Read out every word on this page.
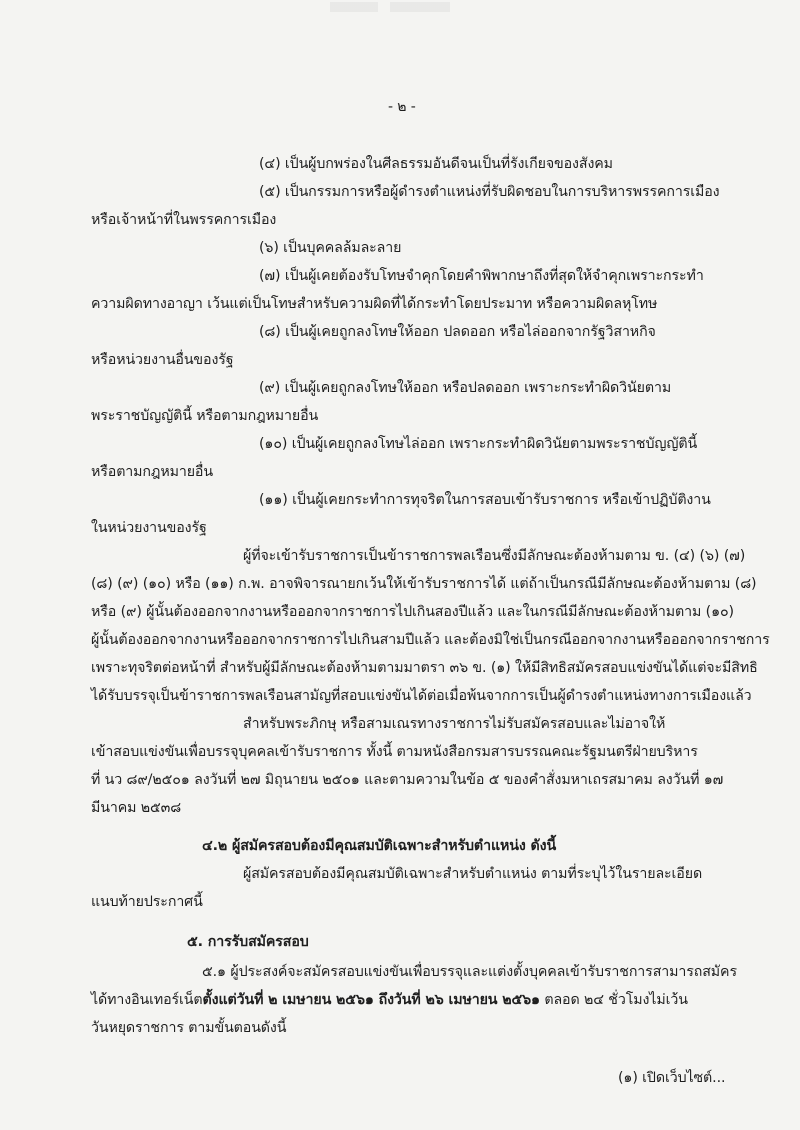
- ๒ -
(๔) เป็นผู้บกพร่องในศีลธรรมอันดีจนเป็นที่รังเกียจของสังคม
(๕) เป็นกรรมการหรือผู้ดำรงตำแหน่งที่รับผิดชอบในการบริหารพรรคการเมือง
หรือเจ้าหน้าที่ในพรรคการเมือง
(๖) เป็นบุคคลล้มละลาย
(๗) เป็นผู้เคยต้องรับโทษจำคุกโดยคำพิพากษาถึงที่สุดให้จำคุกเพราะกระทำ
ความผิดทางอาญา เว้นแต่เป็นโทษสำหรับความผิดที่ได้กระทำโดยประมาท หรือความผิดลหุโทษ
(๘) เป็นผู้เคยถูกลงโทษให้ออก ปลดออก หรือไล่ออกจากรัฐวิสาหกิจ
หรือหน่วยงานอื่นของรัฐ
(๙) เป็นผู้เคยถูกลงโทษให้ออก หรือปลดออก เพราะกระทำผิดวินัยตาม
พระราชบัญญัตินี้ หรือตามกฎหมายอื่น
(๑๐) เป็นผู้เคยถูกลงโทษไล่ออก เพราะกระทำผิดวินัยตามพระราชบัญญัตินี้
หรือตามกฎหมายอื่น
(๑๑) เป็นผู้เคยกระทำการทุจริตในการสอบเข้ารับราชการ หรือเข้าปฏิบัติงาน
ในหน่วยงานของรัฐ
ผู้ที่จะเข้ารับราชการเป็นข้าราชการพลเรือนซึ่งมีลักษณะต้องห้ามตาม ข. (๔) (๖) (๗)
(๘) (๙) (๑๐) หรือ (๑๑) ก.พ. อาจพิจารณายกเว้นให้เข้ารับราชการได้ แต่ถ้าเป็นกรณีมีลักษณะต้องห้ามตาม (๘)
หรือ (๙) ผู้นั้นต้องออกจากงานหรือออกจากราชการไปเกินสองปีแล้ว และในกรณีมีลักษณะต้องห้ามตาม (๑๐)
ผู้นั้นต้องออกจากงานหรือออกจากราชการไปเกินสามปีแล้ว และต้องมิใช่เป็นกรณีออกจากงานหรือออกจากราชการ
เพราะทุจริตต่อหน้าที่ สำหรับผู้มีลักษณะต้องห้ามตามมาตรา ๓๖ ข. (๑) ให้มีสิทธิสมัครสอบแข่งขันได้แต่จะมีสิทธิ
ได้รับบรรจุเป็นข้าราชการพลเรือนสามัญที่สอบแข่งขันได้ต่อเมื่อพ้นจากการเป็นผู้ดำรงตำแหน่งทางการเมืองแล้ว
สำหรับพระภิกษุ หรือสามเณรทางราชการไม่รับสมัครสอบและไม่อาจให้
เข้าสอบแข่งขันเพื่อบรรจุบุคคลเข้ารับราชการ ทั้งนี้ ตามหนังสือกรมสารบรรณคณะรัฐมนตรีฝ่ายบริหาร
ที่ นว ๘๙/๒๕๐๑ ลงวันที่ ๒๗ มิถุนายน ๒๕๐๑ และตามความในข้อ ๕ ของคำสั่งมหาเถรสมาคม ลงวันที่ ๑๗
มีนาคม ๒๕๓๘
๔.๒ ผู้สมัครสอบต้องมีคุณสมบัติเฉพาะสำหรับตำแหน่ง ดังนี้
ผู้สมัครสอบต้องมีคุณสมบัติเฉพาะสำหรับตำแหน่ง ตามที่ระบุไว้ในรายละเอียด
แนบท้ายประกาศนี้
๕. การรับสมัครสอบ
๕.๑ ผู้ประสงค์จะสมัครสอบแข่งขันเพื่อบรรจุและแต่งตั้งบุคคลเข้ารับราชการสามารถสมัคร
ได้ทางอินเทอร์เน็ตตั้งแต่วันที่ ๒ เมษายน ๒๕๖๑ ถึงวันที่ ๒๖ เมษายน ๒๕๖๑ ตลอด ๒๔ ชั่วโมงไม่เว้น
วันหยุดราชการ ตามขั้นตอนดังนี้
(๑) เปิดเว็บไซต์...
